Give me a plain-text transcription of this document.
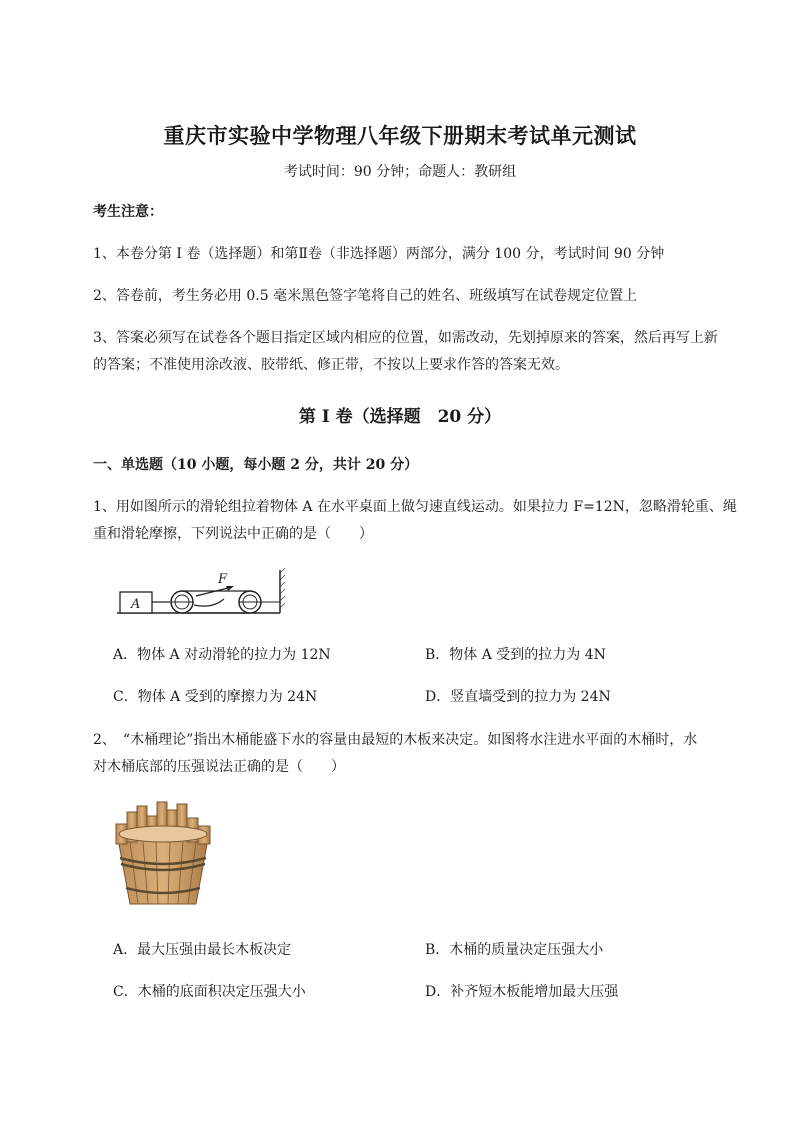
重庆市实验中学物理八年级下册期末考试单元测试
考试时间：90 分钟；命题人：教研组
考生注意：
1、本卷分第 I 卷（选择题）和第Ⅱ卷（非选择题）两部分，满分 100 分，考试时间 90 分钟
2、答卷前，考生务必用 0.5 毫米黑色签字笔将自己的姓名、班级填写在试卷规定位置上
3、答案必须写在试卷各个题目指定区域内相应的位置，如需改动，先划掉原来的答案，然后再写上新
的答案；不准使用涂改液、胶带纸、修正带，不按以上要求作答的答案无效。
第 I 卷（选择题　20 分）
一、单选题（10 小题，每小题 2 分，共计 20 分）
1、用如图所示的滑轮组拉着物体 A 在水平桌面上做匀速直线运动。如果拉力 F=12N，忽略滑轮重、绳
重和滑轮摩擦，下列说法中正确的是（　　）
A
F
A．物体 A 对动滑轮的拉力为 12N	B．物体 A 受到的拉力为 4N
C．物体 A 受到的摩擦力为 24N	D．竖直墙受到的拉力为 24N
2、　“木桶理论”指出木桶能盛下水的容量由最短的木板来决定。如图将水注进水平面的木桶时，水
对木桶底部的压强说法正确的是（　　）
A．最大压强由最长木板决定	B．木桶的质量决定压强大小
C．木桶的底面积决定压强大小	D．补齐短木板能增加最大压强
